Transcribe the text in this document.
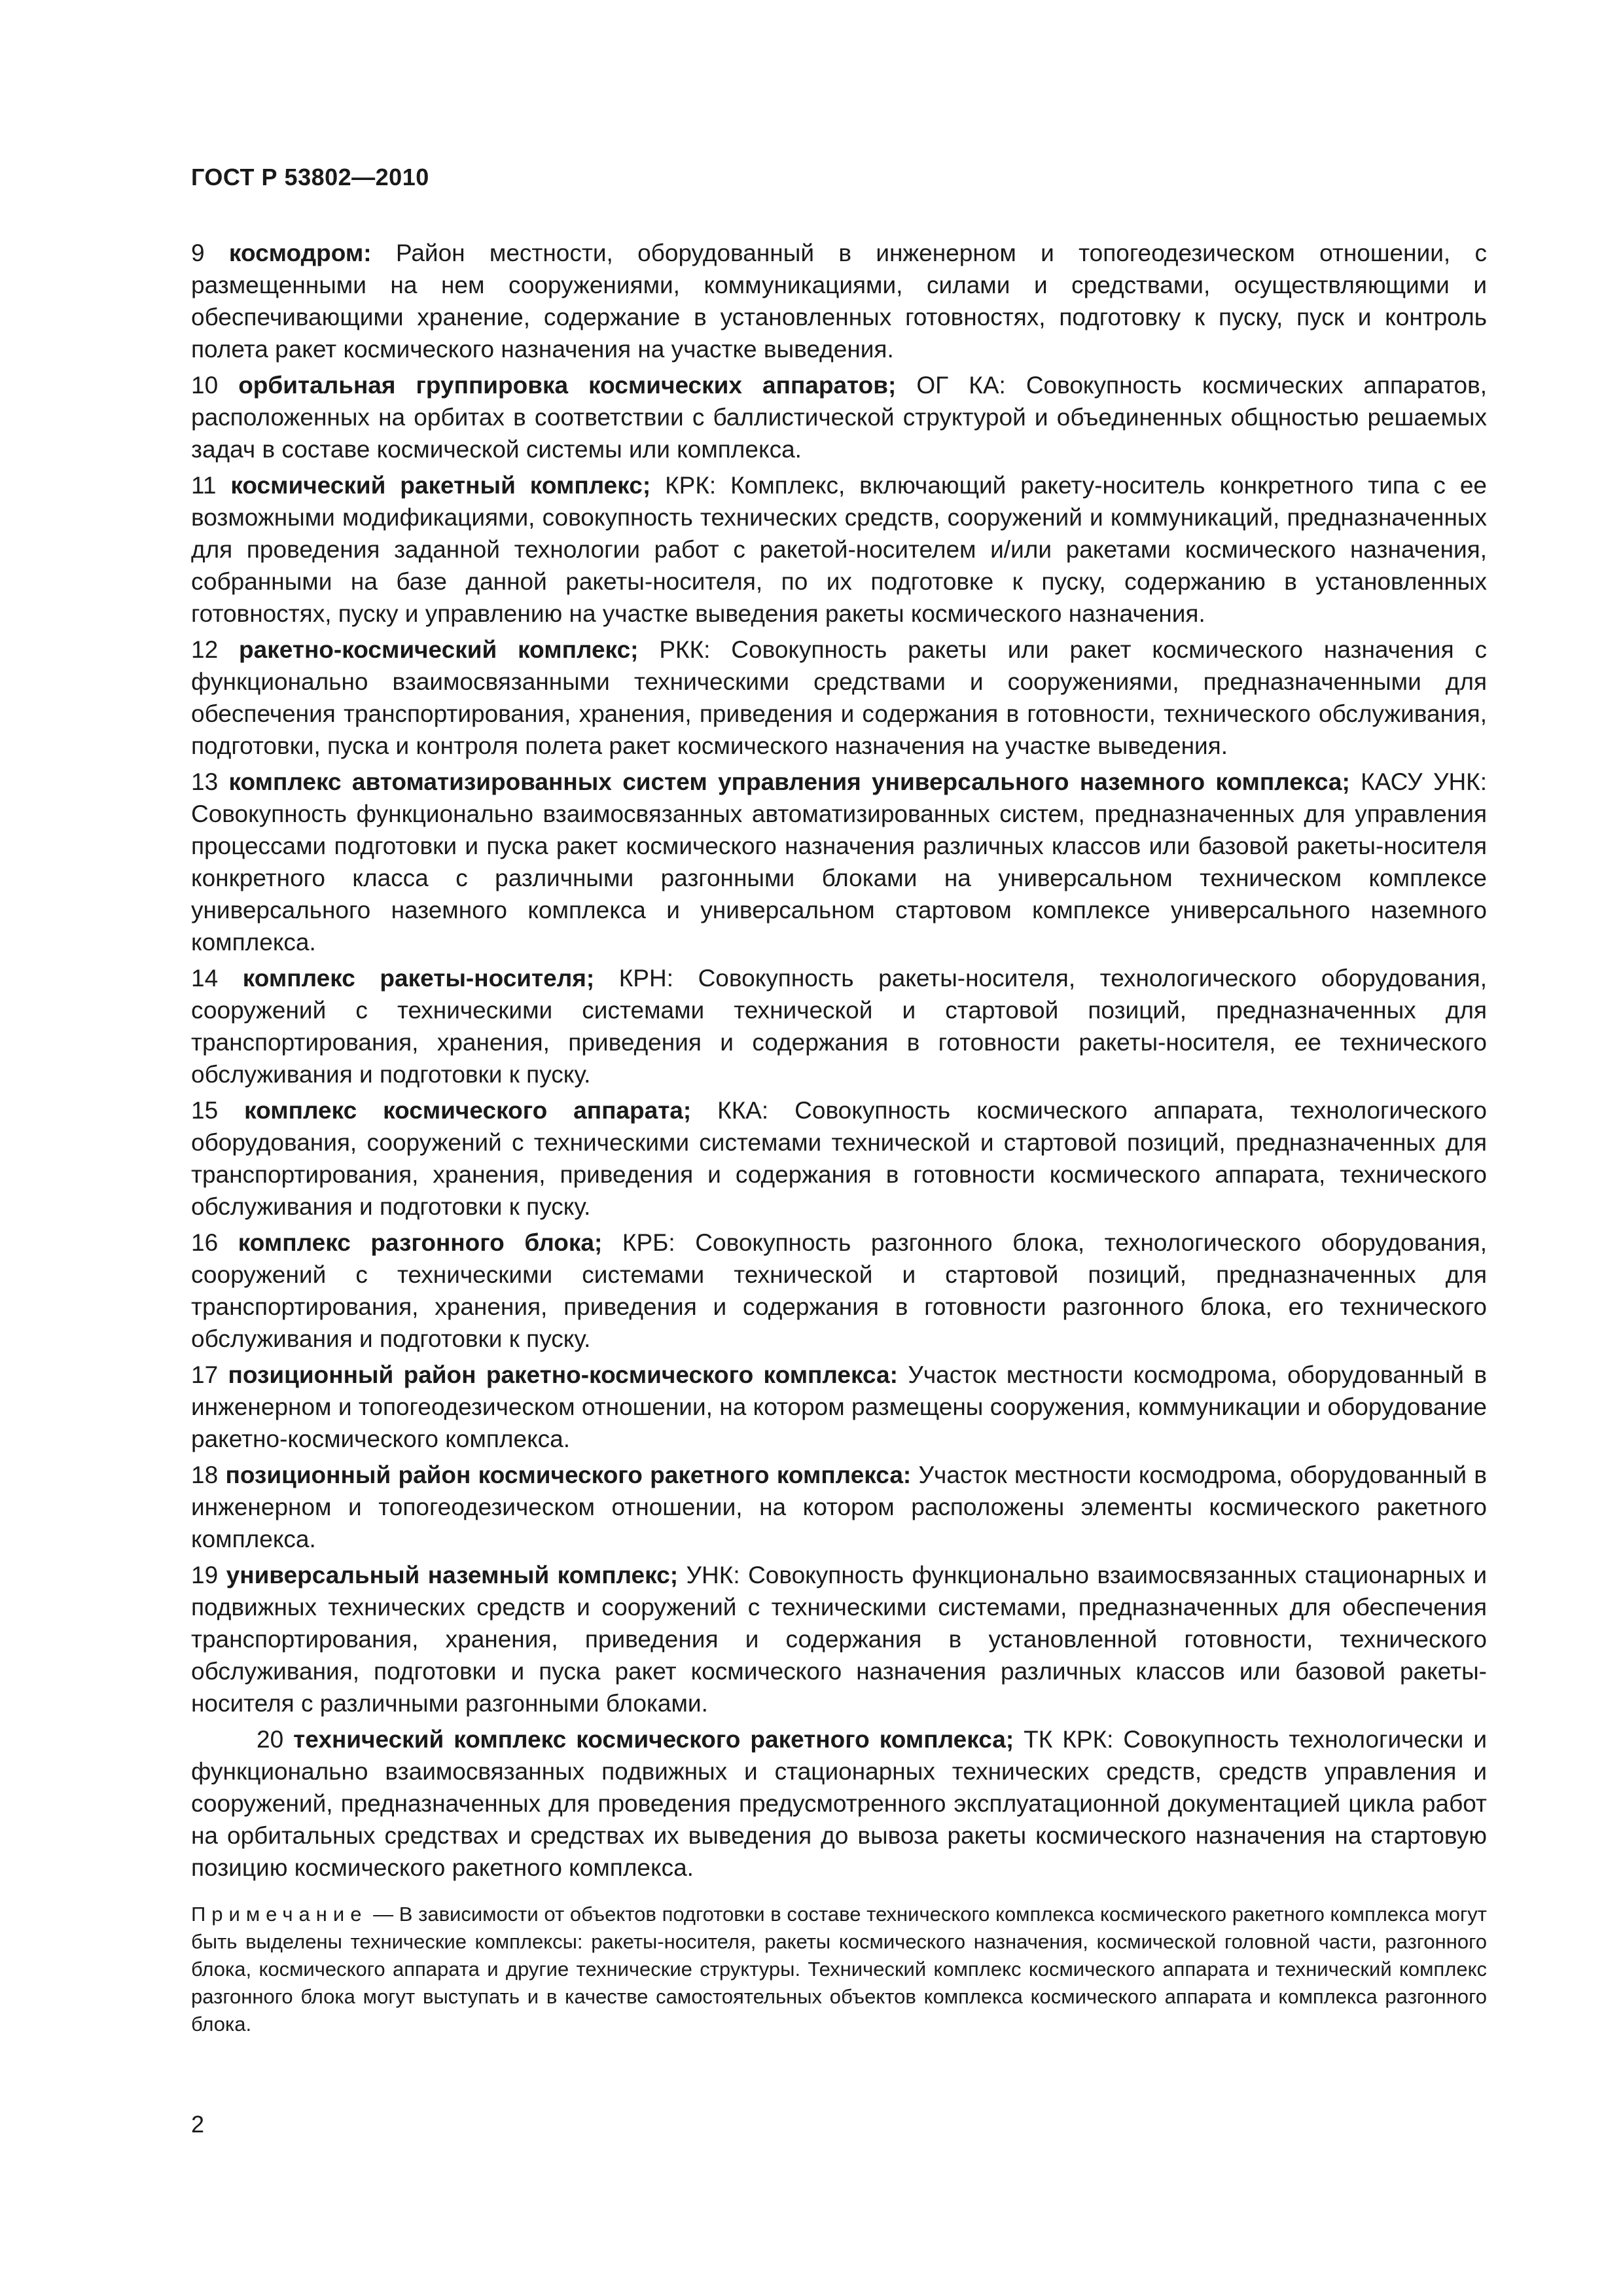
ГОСТ Р 53802—2010

9 космодром: Район местности, оборудованный в инженерном и топогеодезическом отношении, с размещенными на нем сооружениями, коммуникациями, силами и средствами, осуществляющими и обеспечивающими хранение, содержание в установленных готовностях, подготовку к пуску, пуск и контроль полета ракет космического назначения на участке выведения.

10 орбитальная группировка космических аппаратов; ОГ КА: Совокупность космических аппаратов, расположенных на орбитах в соответствии с баллистической структурой и объединенных общностью решаемых задач в составе космической системы или комплекса.

11 космический ракетный комплекс; КРК: Комплекс, включающий ракету-носитель конкретного типа с ее возможными модификациями, совокупность технических средств, сооружений и коммуникаций, предназначенных для проведения заданной технологии работ с ракетой-носителем и/или ракетами космического назначения, собранными на базе данной ракеты-носителя, по их подготовке к пуску, содержанию в установленных готовностях, пуску и управлению на участке выведения ракеты космического назначения.

12 ракетно-космический комплекс; РКК: Совокупность ракеты или ракет космического назначения с функционально взаимосвязанными техническими средствами и сооружениями, предназначенными для обеспечения транспортирования, хранения, приведения и содержания в готовности, технического обслуживания, подготовки, пуска и контроля полета ракет космического назначения на участке выведения.

13 комплекс автоматизированных систем управления универсального наземного комплекса; КАСУ УНК: Совокупность функционально взаимосвязанных автоматизированных систем, предназначенных для управления процессами подготовки и пуска ракет космического назначения различных классов или базовой ракеты-носителя конкретного класса с различными разгонными блоками на универсальном техническом комплексе универсального наземного комплекса и универсальном стартовом комплексе универсального наземного комплекса.

14 комплекс ракеты-носителя; КРН: Совокупность ракеты-носителя, технологического оборудования, сооружений с техническими системами технической и стартовой позиций, предназначенных для транспортирования, хранения, приведения и содержания в готовности ракеты-носителя, ее технического обслуживания и подготовки к пуску.

15 комплекс космического аппарата; ККА: Совокупность космического аппарата, технологического оборудования, сооружений с техническими системами технической и стартовой позиций, предназначенных для транспортирования, хранения, приведения и содержания в готовности космического аппарата, технического обслуживания и подготовки к пуску.

16 комплекс разгонного блока; КРБ: Совокупность разгонного блока, технологического оборудования, сооружений с техническими системами технической и стартовой позиций, предназначенных для транспортирования, хранения, приведения и содержания в готовности разгонного блока, его технического обслуживания и подготовки к пуску.

17 позиционный район ракетно-космического комплекса: Участок местности космодрома, оборудованный в инженерном и топогеодезическом отношении, на котором размещены сооружения, коммуникации и оборудование ракетно-космического комплекса.

18 позиционный район космического ракетного комплекса: Участок местности космодрома, оборудованный в инженерном и топогеодезическом отношении, на котором расположены элементы космического ракетного комплекса.

19 универсальный наземный комплекс; УНК: Совокупность функционально взаимосвязанных стационарных и подвижных технических средств и сооружений с техническими системами, предназначенных для обеспечения транспортирования, хранения, приведения и содержания в установленной готовности, технического обслуживания, подготовки и пуска ракет космического назначения различных классов или базовой ракеты-носителя с различными разгонными блоками.

20 технический комплекс космического ракетного комплекса; ТК КРК: Совокупность технологически и функционально взаимосвязанных подвижных и стационарных технических средств, средств управления и сооружений, предназначенных для проведения предусмотренного эксплуатационной документацией цикла работ на орбитальных средствах и средствах их выведения до вывоза ракеты космического назначения на стартовую позицию космического ракетного комплекса.

Примечание — В зависимости от объектов подготовки в составе технического комплекса космического ракетного комплекса могут быть выделены технические комплексы: ракеты-носителя, ракеты космического назначения, космической головной части, разгонного блока, космического аппарата и другие технические структуры. Технический комплекс космического аппарата и технический комплекс разгонного блока могут выступать и в качестве самостоятельных объектов комплекса космического аппарата и комплекса разгонного блока.

2
